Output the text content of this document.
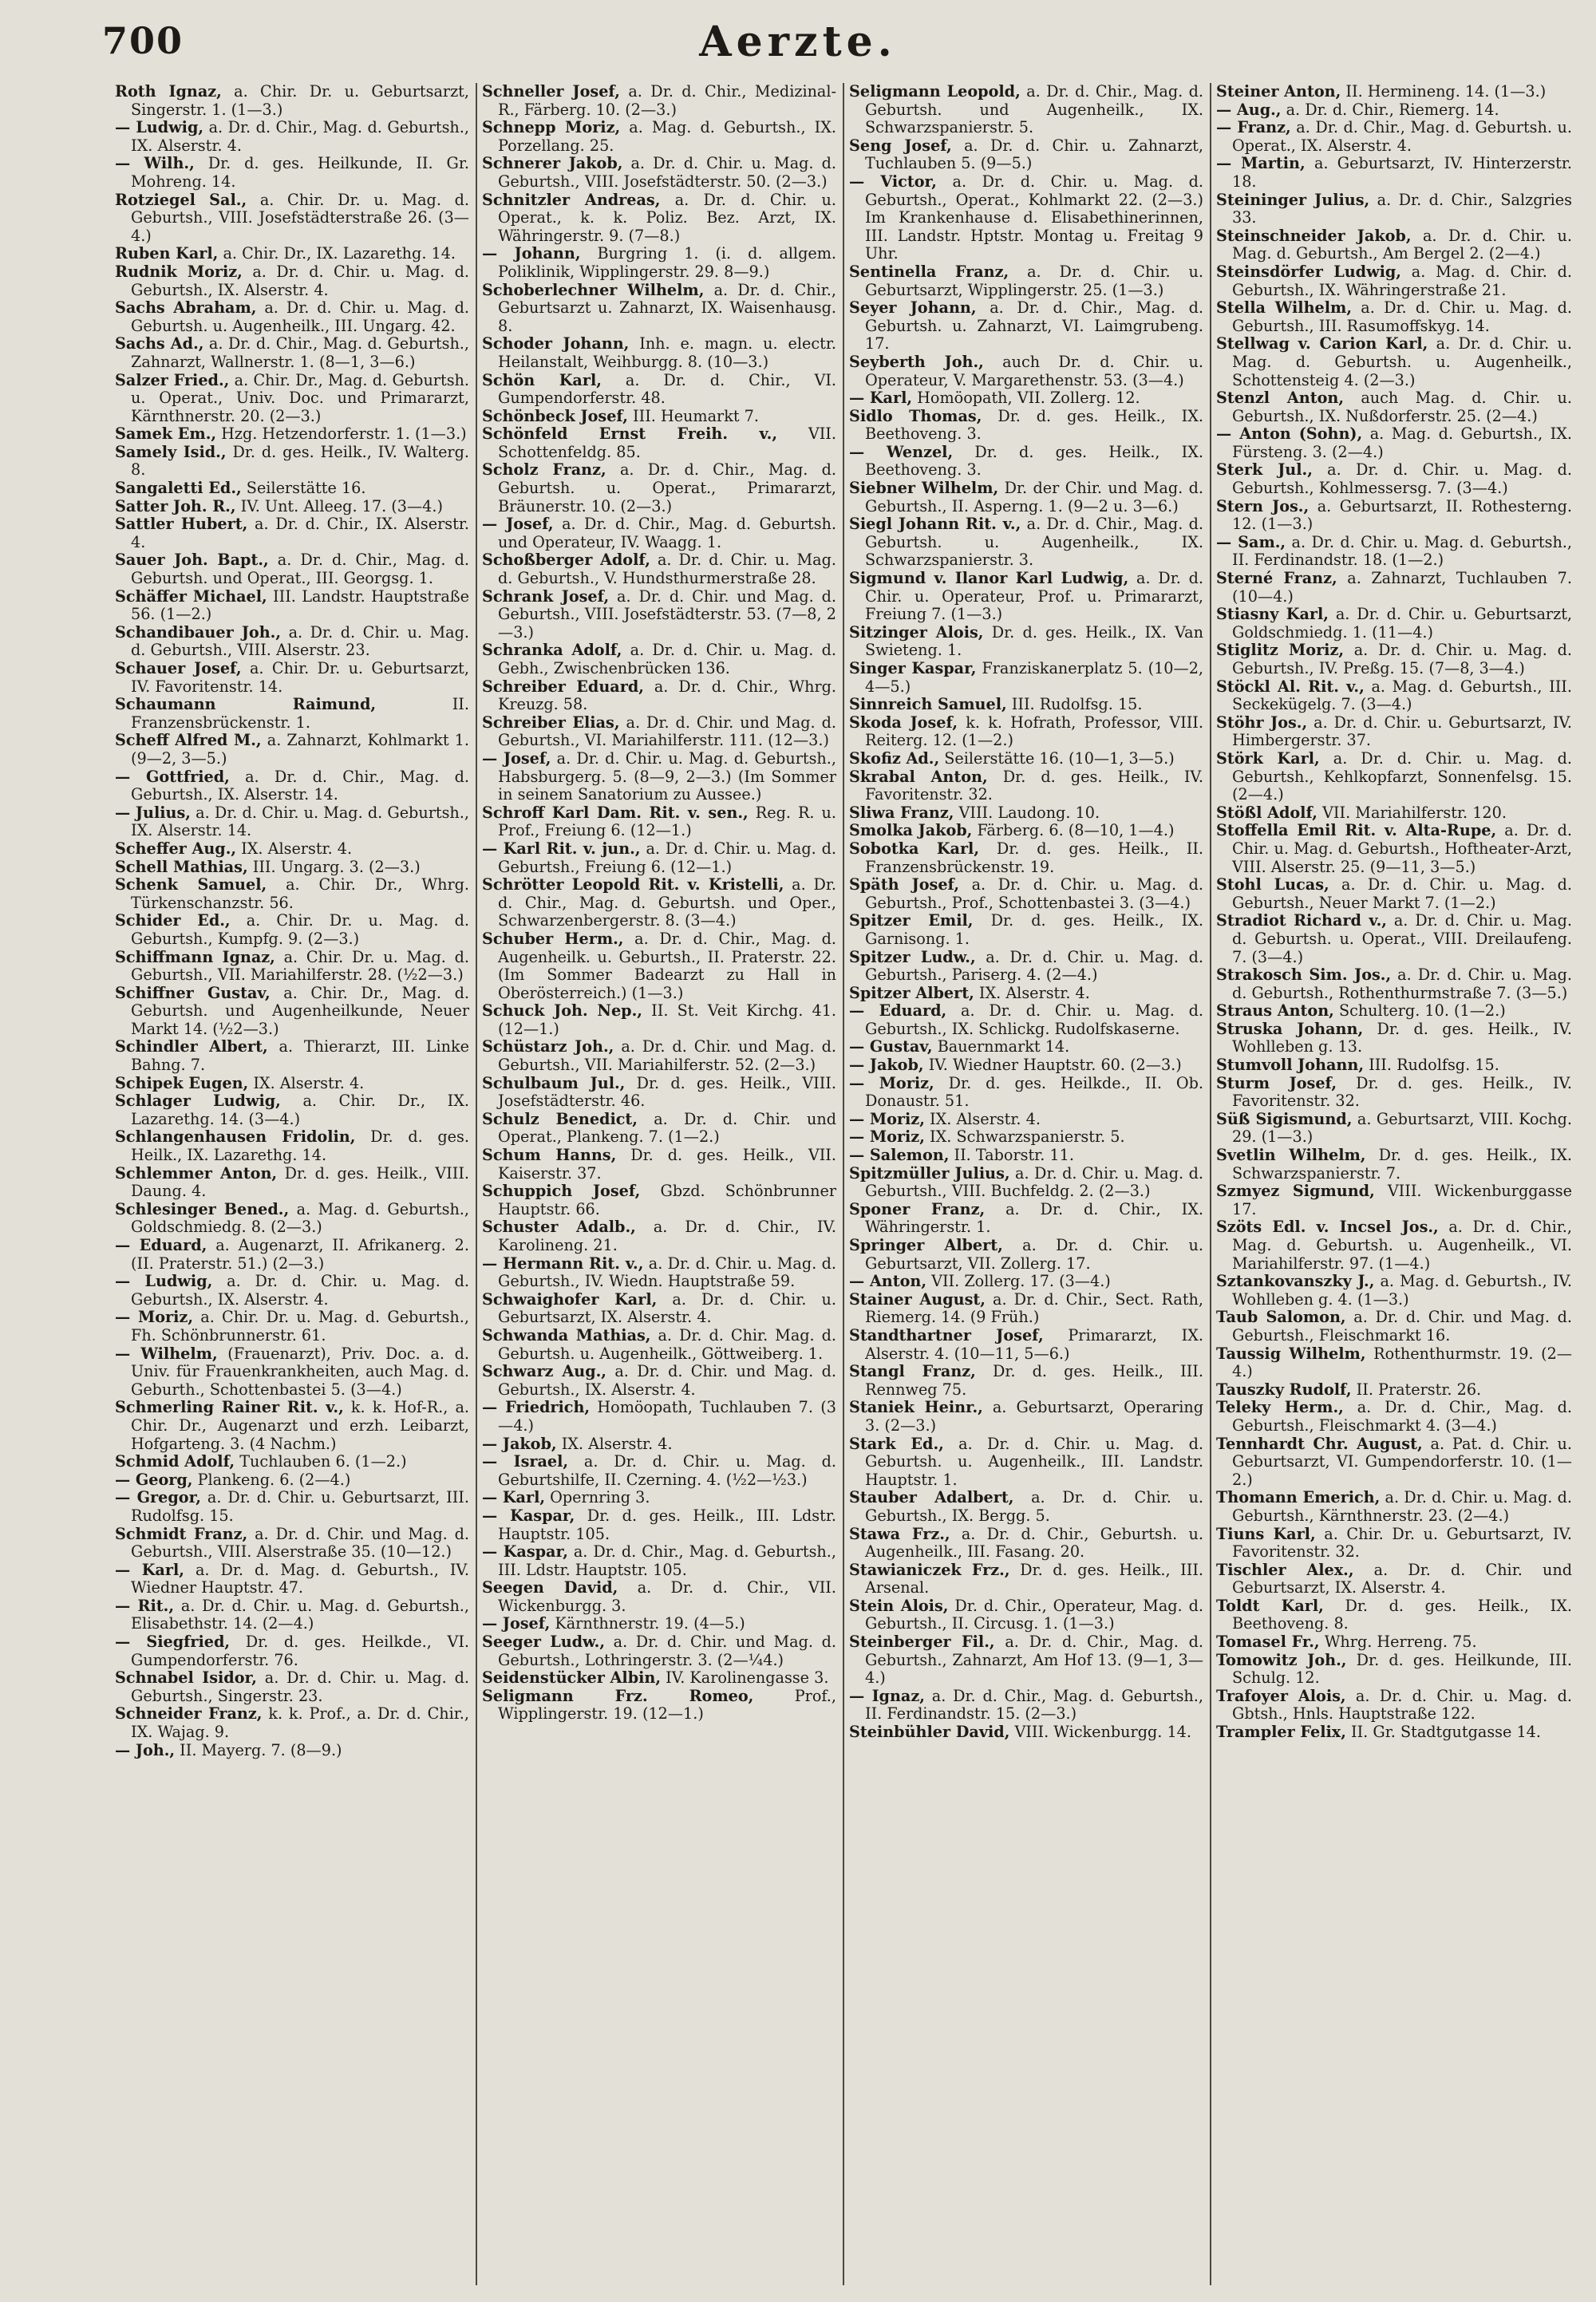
700	Aerzte.

Roth Ignaz, a. Chir. Dr. u. Geburtsarzt, Singerstr. 1. (1—3.)

— Ludwig, a. Dr. d. Chir., Mag. d. Geburtsh., IX. Alserstr. 4.

— Wilh., Dr. d. ges. Heilkunde, II. Gr. Mohreng. 14.

Rotziegel Sal., a. Chir. Dr. u. Mag. d. Geburtsh., VIII. Josefstädterstraße 26. (3—4.)

Ruben Karl, a. Chir. Dr., IX. Lazarethg. 14.

Rudnik Moriz, a. Dr. d. Chir. u. Mag. d. Geburtsh., IX. Alserstr. 4.

Sachs Abraham, a. Dr. d. Chir. u. Mag. d. Geburtsh. u. Augenheilk., III. Ungarg. 42.

Sachs Ad., a. Dr. d. Chir., Mag. d. Geburtsh., Zahnarzt, Wallnerstr. 1. (8—1, 3—6.)

Salzer Fried., a. Chir. Dr., Mag. d. Geburtsh. u. Operat., Univ. Doc. und Primararzt, Kärnthnerstr. 20. (2—3.)

Samek Em., Hzg. Hetzendorferstr. 1. (1—3.)

Samely Isid., Dr. d. ges. Heilk., IV. Walterg. 8.

Sangaletti Ed., Seilerstätte 16.

Satter Joh. R., IV. Unt. Alleeg. 17. (3—4.)

Sattler Hubert, a. Dr. d. Chir., IX. Alserstr. 4.

Sauer Joh. Bapt., a. Dr. d. Chir., Mag. d. Geburtsh. und Operat., III. Georgsg. 1.

Schäffer Michael, III. Landstr. Hauptstraße 56. (1—2.)

Schandibauer Joh., a. Dr. d. Chir. u. Mag. d. Geburtsh., VIII. Alserstr. 23.

Schauer Josef, a. Chir. Dr. u. Geburtsarzt, IV. Favoritenstr. 14.

Schaumann Raimund,	II. Franzensbrückenstr. 1.

Scheff Alfred M., a. Zahnarzt, Kohlmarkt 1. (9—2, 3—5.)

— Gottfried, a. Dr. d. Chir., Mag. d. Geburtsh., IX. Alserstr. 14.

— Julius, a. Dr. d. Chir. u. Mag. d. Geburtsh., IX. Alserstr. 14.

Scheffer Aug., IX. Alserstr. 4.

Schell Mathias, III. Ungarg. 3. (2—3.)

Schenk Samuel, a. Chir. Dr., Whrg. Türkenschanzstr. 56.

Schider Ed., a. Chir. Dr. u. Mag. d. Geburtsh., Kumpfg. 9. (2—3.)

Schiffmann Ignaz, a. Chir. Dr. u. Mag. d. Geburtsh., VII. Mariahilferstr. 28. (½2—3.)

Schiffner Gustav, a. Chir. Dr., Mag. d. Geburtsh. und Augenheilkunde, Neuer Markt 14. (½2—3.)

Schindler Albert, a. Thierarzt, III. Linke Bahng. 7.

Schipek Eugen, IX. Alserstr. 4.

Schlager Ludwig, a. Chir. Dr., IX. Lazarethg. 14. (3—4.)

Schlangenhausen Fridolin, Dr. d. ges. Heilk., IX. Lazarethg. 14.

Schlemmer Anton, Dr. d. ges. Heilk., VIII. Daung. 4.

Schlesinger Bened., a. Mag. d. Geburtsh., Goldschmiedg. 8. (2—3.)

— Eduard, a. Augenarzt, II. Afrikanerg. 2. (II. Praterstr. 51.) (2—3.)

— Ludwig, a. Dr. d. Chir. u. Mag. d. Geburtsh., IX. Alserstr. 4.

— Moriz, a. Chir. Dr. u. Mag. d. Geburtsh., Fh. Schönbrunnerstr. 61.

— Wilhelm, (Frauenarzt), Priv. Doc. a. d. Univ. für Frauenkrankheiten, auch Mag. d. Geburth., Schottenbastei 5. (3—4.)

Schmerling Rainer Rit. v., k. k. Hof-R., a. Chir. Dr., Augenarzt und erzh. Leibarzt, Hofgarteng. 3. (4 Nachm.)

Schmid Adolf, Tuchlauben 6. (1—2.)

— Georg, Plankeng. 6. (2—4.)

— Gregor, a. Dr. d. Chir. u. Geburtsarzt, III. Rudolfsg. 15.

Schmidt Franz, a. Dr. d. Chir. und Mag. d. Geburtsh., VIII. Alserstraße 35. (10—12.)

— Karl, a. Dr. d. Mag. d. Geburtsh., IV. Wiedner Hauptstr. 47.

— Rit., a. Dr. d. Chir. u. Mag. d. Geburtsh., Elisabethstr. 14. (2—4.)

— Siegfried, Dr. d. ges. Heilkde., VI. Gumpendorferstr. 76.

Schnabel Isidor, a. Dr. d. Chir. u. Mag. d. Geburtsh., Singerstr. 23.

Schneider Franz, k. k. Prof., a. Dr. d. Chir., IX. Wajag. 9.

— Joh., II. Mayerg. 7. (8—9.)

Schneller Josef, a. Dr. d. Chir., Medizinal-R., Färberg. 10. (2—3.)

Schnepp Moriz, a. Mag. d. Geburtsh., IX. Porzellang. 25.

Schnerer Jakob, a. Dr. d. Chir. u. Mag. d. Geburtsh., VIII. Josefstädterstr. 50. (2—3.)

Schnitzler Andreas, a. Dr. d. Chir. u. Operat., k. k. Poliz. Bez. Arzt, IX. Währingerstr. 9. (7—8.)

— Johann, Burgring 1. (i. d. allgem. Poliklinik, Wipplingerstr. 29. 8—9.)

Schoberlechner Wilhelm, a. Dr. d. Chir., Geburtsarzt u. Zahnarzt, IX. Waisenhausg. 8.

Schoder Johann, Inh. e. magn. u. electr. Heilanstalt, Weihburgg. 8. (10—3.)

Schön Karl, a. Dr. d. Chir., VI. Gumpendorferstr. 48.

Schönbeck Josef, III. Heumarkt 7.

Schönfeld Ernst Freih. v., VII. Schottenfeldg. 85.

Scholz Franz, a. Dr. d. Chir., Mag. d. Geburtsh. u. Operat., Primararzt, Bräunerstr. 10. (2—3.)

— Josef, a. Dr. d. Chir., Mag. d. Geburtsh. und Operateur, IV. Waagg. 1.

Schoßberger Adolf, a. Dr. d. Chir. u. Mag. d. Geburtsh., V. Hundsthurmerstraße 28.

Schrank Josef, a. Dr. d. Chir. und Mag. d. Geburtsh., VIII. Josefstädterstr. 53. (7—8, 2—3.)

Schranka Adolf, a. Dr. d. Chir. u. Mag. d. Gebh., Zwischenbrücken 136.

Schreiber Eduard, a. Dr. d. Chir., Whrg. Kreuzg. 58.

Schreiber Elias, a. Dr. d. Chir. und Mag. d. Geburtsh., VI. Mariahilferstr. 111. (12—3.)

— Josef, a. Dr. d. Chir. u. Mag. d. Geburtsh., Habsburgerg. 5. (8—9, 2—3.) (Im Sommer in seinem Sanatorium zu Aussee.)

Schroff Karl Dam. Rit. v. sen., Reg. R. u. Prof., Freiung 6. (12—1.)

— Karl Rit. v. jun., a. Dr. d. Chir. u. Mag. d. Geburtsh., Freiung 6. (12—1.)

Schrötter Leopold Rit. v. Kristelli, a. Dr. d. Chir., Mag. d. Geburtsh. und Oper., Schwarzenbergerstr. 8. (3—4.)

Schuber Herm., a. Dr. d. Chir., Mag. d. Augenheilk. u. Geburtsh., II. Praterstr. 22. (Im Sommer Badearzt zu Hall in Oberösterreich.) (1—3.)

Schuck Joh. Nep., II. St. Veit Kirchg. 41. (12—1.)

Schüstarz Joh., a. Dr. d. Chir. und Mag. d. Geburtsh., VII. Mariahilferstr. 52. (2—3.)

Schulbaum Jul., Dr. d. ges. Heilk., VIII. Josefstädterstr. 46.

Schulz Benedict, a. Dr. d. Chir. und Operat., Plankeng. 7. (1—2.)

Schum Hanns, Dr. d. ges. Heilk., VII. Kaiserstr. 37.

Schuppich Josef, Gbzd. Schönbrunner Hauptstr. 66.

Schuster Adalb., a. Dr. d. Chir., IV. Karolineng. 21.

— Hermann Rit. v., a. Dr. d. Chir. u. Mag. d. Geburtsh., IV. Wiedn. Hauptstraße 59.

Schwaighofer Karl, a. Dr. d. Chir. u. Geburtsarzt, IX. Alserstr. 4.

Schwanda Mathias, a. Dr. d. Chir. Mag. d. Geburtsh. u. Augenheilk., Göttweiberg. 1.

Schwarz Aug., a. Dr. d. Chir. und Mag. d. Geburtsh., IX. Alserstr. 4.

— Friedrich, Homöopath, Tuchlauben 7. (3—4.)

— Jakob, IX. Alserstr. 4.

— Israel, a. Dr. d. Chir. u. Mag. d. Geburtshilfe, II. Czerning. 4. (½2—½3.)

— Karl, Opernring 3.

— Kaspar, Dr. d. ges. Heilk., III. Ldstr. Hauptstr. 105.

— Kaspar, a. Dr. d. Chir., Mag. d. Geburtsh., III. Ldstr. Hauptstr. 105.

Seegen David, a. Dr. d. Chir., VII. Wickenburgg. 3.

— Josef, Kärnthnerstr. 19. (4—5.)

Seeger Ludw., a. Dr. d. Chir. und Mag. d. Geburtsh., Lothringerstr. 3. (2—¼4.)

Seidenstücker Albin, IV. Karolinengasse 3.

Seligmann Frz. Romeo,	Prof., Wipplingerstr. 19. (12—1.)

Seligmann Leopold, a. Dr. d. Chir., Mag. d. Geburtsh. und Augenheilk., IX. Schwarzspanierstr. 5.

Seng Josef, a. Dr. d. Chir. u. Zahnarzt, Tuchlauben 5. (9—5.)

— Victor, a. Dr. d. Chir. u. Mag. d. Geburtsh., Operat., Kohlmarkt 22. (2—3.) Im Krankenhause d. Elisabethinerinnen, III. Landstr. Hptstr. Montag u. Freitag 9 Uhr.

Sentinella Franz, a. Dr. d. Chir. u. Geburtsarzt, Wipplingerstr. 25. (1—3.)

Seyer Johann, a. Dr. d. Chir., Mag. d. Geburtsh. u. Zahnarzt, VI. Laimgrubeng. 17.

Seyberth Joh., auch Dr. d. Chir. u. Operateur, V. Margarethenstr. 53. (3—4.)

— Karl, Homöopath, VII. Zollerg. 12.

Sidlo Thomas, Dr. d. ges. Heilk., IX. Beethoveng. 3.

— Wenzel, Dr. d. ges. Heilk., IX. Beethoveng. 3.

Siebner Wilhelm, Dr. der Chir. und Mag. d. Geburtsh., II. Asperng. 1. (9—2 u. 3—6.)

Siegl Johann Rit. v., a. Dr. d. Chir., Mag. d. Geburtsh. u. Augenheilk., IX. Schwarzspanierstr. 3.

Sigmund v. Ilanor Karl Ludwig, a. Dr. d. Chir. u. Operateur, Prof. u. Primararzt, Freiung 7. (1—3.)

Sitzinger Alois, Dr. d. ges. Heilk., IX. Van Swieteng. 1.

Singer Kaspar, Franziskanerplatz 5. (10—2, 4—5.)

Sinnreich Samuel, III. Rudolfsg. 15.

Skoda Josef, k. k. Hofrath, Professor, VIII. Reiterg. 12. (1—2.)

Skofiz Ad., Seilerstätte 16. (10—1, 3—5.)

Skrabal Anton, Dr. d. ges. Heilk., IV. Favoritenstr. 32.

Sliwa Franz, VIII. Laudong. 10.

Smolka Jakob, Färberg. 6. (8—10, 1—4.)

Sobotka Karl, Dr. d. ges. Heilk., II. Franzensbrückenstr. 19.

Späth Josef, a. Dr. d. Chir. u. Mag. d. Geburtsh., Prof., Schottenbastei 3. (3—4.)

Spitzer Emil, Dr. d. ges. Heilk., IX. Garnisong. 1.

Spitzer Ludw., a. Dr. d. Chir. u. Mag. d. Geburtsh., Pariserg. 4. (2—4.)

Spitzer Albert, IX. Alserstr. 4.

— Eduard, a. Dr. d. Chir. u. Mag. d. Geburtsh., IX. Schlickg. Rudolfskaserne.

— Gustav, Bauernmarkt 14.

— Jakob, IV. Wiedner Hauptstr. 60. (2—3.)

— Moriz, Dr. d. ges. Heilkde., II. Ob. Donaustr. 51.

— Moriz, IX. Alserstr. 4.

— Moriz, IX. Schwarzspanierstr. 5.

— Salemon, II. Taborstr. 11.

Spitzmüller Julius, a. Dr. d. Chir. u. Mag. d. Geburtsh., VIII. Buchfeldg. 2. (2—3.)

Sponer Franz, a. Dr. d. Chir., IX. Währingerstr. 1.

Springer Albert, a. Dr. d. Chir. u. Geburtsarzt, VII. Zollerg. 17.

— Anton, VII. Zollerg. 17. (3—4.)

Stainer August, a. Dr. d. Chir., Sect. Rath, Riemerg. 14. (9 Früh.)

Standthartner Josef, Primararzt, IX. Alserstr. 4. (10—11, 5—6.)

Stangl Franz, Dr. d. ges. Heilk., III. Rennweg 75.

Staniek Heinr., a. Geburtsarzt, Operaring 3. (2—3.)

Stark Ed., a. Dr. d. Chir. u. Mag. d. Geburtsh. u. Augenheilk., III. Landstr. Hauptstr. 1.

Stauber Adalbert, a. Dr. d. Chir. u. Geburtsh., IX. Bergg. 5.

Stawa Frz., a. Dr. d. Chir., Geburtsh. u. Augenheilk., III. Fasang. 20.

Stawianiczek Frz., Dr. d. ges. Heilk., III. Arsenal.

Stein Alois, Dr. d. Chir., Operateur, Mag. d. Geburtsh., II. Circusg. 1. (1—3.)

Steinberger Fil., a. Dr. d. Chir., Mag. d. Geburtsh., Zahnarzt, Am Hof 13. (9—1, 3—4.)

— Ignaz, a. Dr. d. Chir., Mag. d. Geburtsh., II. Ferdinandstr. 15. (2—3.)

Steinbühler David, VIII. Wickenburgg. 14.

Steiner Anton, II. Hermineng. 14. (1—3.)

— Aug., a. Dr. d. Chir., Riemerg. 14.

— Franz, a. Dr. d. Chir., Mag. d. Geburtsh. u. Operat., IX. Alserstr. 4.

— Martin, a. Geburtsarzt, IV. Hinterzerstr. 18.

Steininger Julius, a. Dr. d. Chir., Salzgries 33.

Steinschneider Jakob, a. Dr. d. Chir. u. Mag. d. Geburtsh., Am Bergel 2. (2—4.)

Steinsdörfer Ludwig, a. Mag. d. Chir. d. Geburtsh., IX. Währingerstraße 21.

Stella Wilhelm, a. Dr. d. Chir. u. Mag. d. Geburtsh., III. Rasumoffskyg. 14.

Stellwag v. Carion Karl, a. Dr. d. Chir. u. Mag. d. Geburtsh. u. Augenheilk., Schottensteig 4. (2—3.)

Stenzl Anton, auch Mag. d. Chir. u. Geburtsh., IX. Nußdorferstr. 25. (2—4.)

— Anton (Sohn), a. Mag. d. Geburtsh., IX. Fürsteng. 3. (2—4.)

Sterk Jul., a. Dr. d. Chir. u. Mag. d. Geburtsh., Kohlmessersg. 7. (3—4.)

Stern Jos., a. Geburtsarzt, II. Rothesterng. 12. (1—3.)

— Sam., a. Dr. d. Chir. u. Mag. d. Geburtsh., II. Ferdinandstr. 18. (1—2.)

Sterné Franz, a. Zahnarzt, Tuchlauben 7. (10—4.)

Stiasny Karl, a. Dr. d. Chir. u. Geburtsarzt, Goldschmiedg. 1. (11—4.)

Stiglitz Moriz, a. Dr. d. Chir. u. Mag. d. Geburtsh., IV. Preßg. 15. (7—8, 3—4.)

Stöckl Al. Rit. v., a. Mag. d. Geburtsh., III. Seckekügelg. 7. (3—4.)

Stöhr Jos., a. Dr. d. Chir. u. Geburtsarzt, IV. Himbergerstr. 37.

Störk Karl, a. Dr. d. Chir. u. Mag. d. Geburtsh., Kehlkopfarzt, Sonnenfelsg. 15. (2—4.)

Stößl Adolf, VII. Mariahilferstr. 120.

Stoffella Emil Rit. v. Alta-Rupe, a. Dr. d. Chir. u. Mag. d. Geburtsh., Hoftheater-Arzt, VIII. Alserstr. 25. (9—11, 3—5.)

Stohl Lucas, a. Dr. d. Chir. u. Mag. d. Geburtsh., Neuer Markt 7. (1—2.)

Stradiot Richard v., a. Dr. d. Chir. u. Mag. d. Geburtsh. u. Operat., VIII. Dreilaufeng. 7. (3—4.)

Strakosch Sim. Jos., a. Dr. d. Chir. u. Mag. d. Geburtsh., Rothenthurmstraße 7. (3—5.)

Straus Anton, Schulterg. 10. (1—2.)

Struska Johann, Dr. d. ges. Heilk., IV. Wohlleben g. 13.

Stumvoll Johann, III. Rudolfsg. 15.

Sturm Josef, Dr. d. ges. Heilk., IV. Favoritenstr. 32.

Süß Sigismund, a. Geburtsarzt, VIII. Kochg. 29. (1—3.)

Svetlin Wilhelm, Dr. d. ges. Heilk., IX. Schwarzspanierstr. 7.

Szmyez Sigmund, VIII. Wickenburggasse 17.

Szöts Edl. v. Incsel Jos., a. Dr. d. Chir., Mag. d. Geburtsh. u. Augenheilk., VI. Mariahilferstr. 97. (1—4.)

Sztankovanszky J., a. Mag. d. Geburtsh., IV. Wohlleben g. 4. (1—3.)

Taub Salomon, a. Dr. d. Chir. und Mag. d. Geburtsh., Fleischmarkt 16.

Taussig Wilhelm, Rothenthurmstr. 19. (2—4.)

Tauszky Rudolf, II. Praterstr. 26.

Teleky Herm., a. Dr. d. Chir., Mag. d. Geburtsh., Fleischmarkt 4. (3—4.)

Tennhardt Chr. August, a. Pat. d. Chir. u. Geburtsarzt, VI. Gumpendorferstr. 10. (1—2.)

Thomann Emerich, a. Dr. d. Chir. u. Mag. d. Geburtsh., Kärnthnerstr. 23. (2—4.)

Tiuns Karl, a. Chir. Dr. u. Geburtsarzt, IV. Favoritenstr. 32.

Tischler Alex., a. Dr. d. Chir. und Geburtsarzt, IX. Alserstr. 4.

Toldt Karl, Dr. d. ges. Heilk., IX. Beethoveng. 8.

Tomasel Fr., Whrg. Herreng. 75.

Tomowitz Joh., Dr. d. ges. Heilkunde, III. Schulg. 12.

Trafoyer Alois, a. Dr. d. Chir. u. Mag. d. Gbtsh., Hnls. Hauptstraße 122.

Trampler Felix, II. Gr. Stadtgutgasse 14.
